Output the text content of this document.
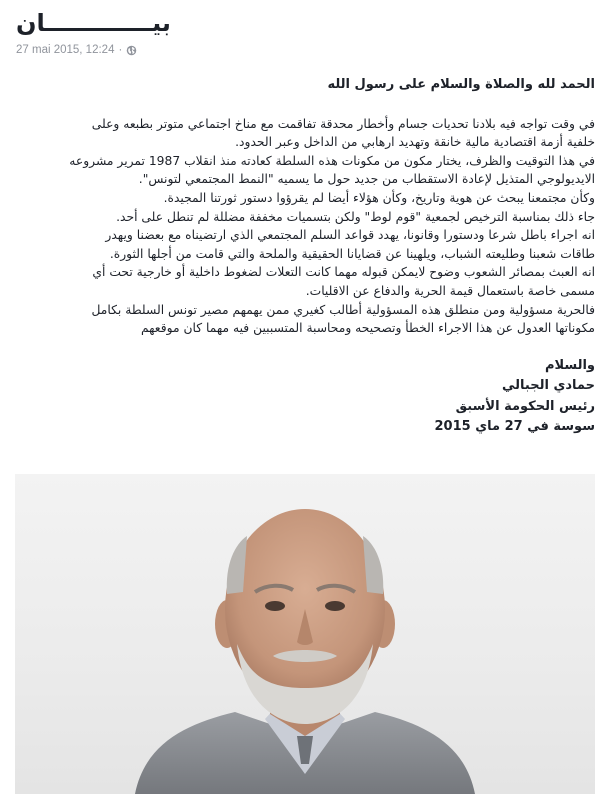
بيـــــــــــــان
27 mai 2015, 12:24 ·

الحمد لله والصلاة والسلام على رسول الله

في وقت تواجه فيه بلادنا تحديات جسام وأخطار محدقة تفاقمت مع مناخ اجتماعي متوتر بطبعه وعلى

خلفية أزمة اقتصادية مالية خانقة وتهديد ارهابي من الداخل وعبر الحدود.

في هذا التوقيت والظرف، يختار مكون من مكونات هذه السلطة كعادته منذ انقلاب 1987 تمرير مشروعه

الايديولوجي المتذيل لإعادة الاستقطاب من جديد حول ما يسميه "النمط المجتمعي لتونس".

وكأن مجتمعنا يبحث عن هوية وتاريخ، وكأن هؤلاء أيضا لم يقرؤوا دستور ثورتنا المجيدة.

جاء ذلك بمناسبة الترخيص لجمعية "قوم لوط" ولكن بتسميات مخففة مضللة لم تنطل على أحد.

انه اجراء باطل شرعا ودستورا وقانونا، يهدد قواعد السلم المجتمعي الذي ارتضيناه مع بعضنا ويهدر

طاقات شعبنا وطليعته الشباب، ويلهينا عن قضايانا الحقيقية والملحة والتي قامت من أجلها الثورة.

انه العبث بمصائر الشعوب وضوح لايمكن قبوله مهما كانت التعلات لضغوط داخلية أو خارجية تحت أي

مسمى خاصة باستعمال قيمة الحرية والدفاع عن الاقليات.

فالحرية مسؤولية ومن منطلق هذه المسؤولية أطالب كغيري ممن يهمهم مصير تونس السلطة بكامل

مكوناتها العدول عن هذا الاجراء الخطأ وتصحيحه ومحاسبة المتسببين فيه مهما كان موقعهم

والسلام
حمادي الجبالي
رئيس الحكومة الأسبق
سوسة في 27 ماي 2015
